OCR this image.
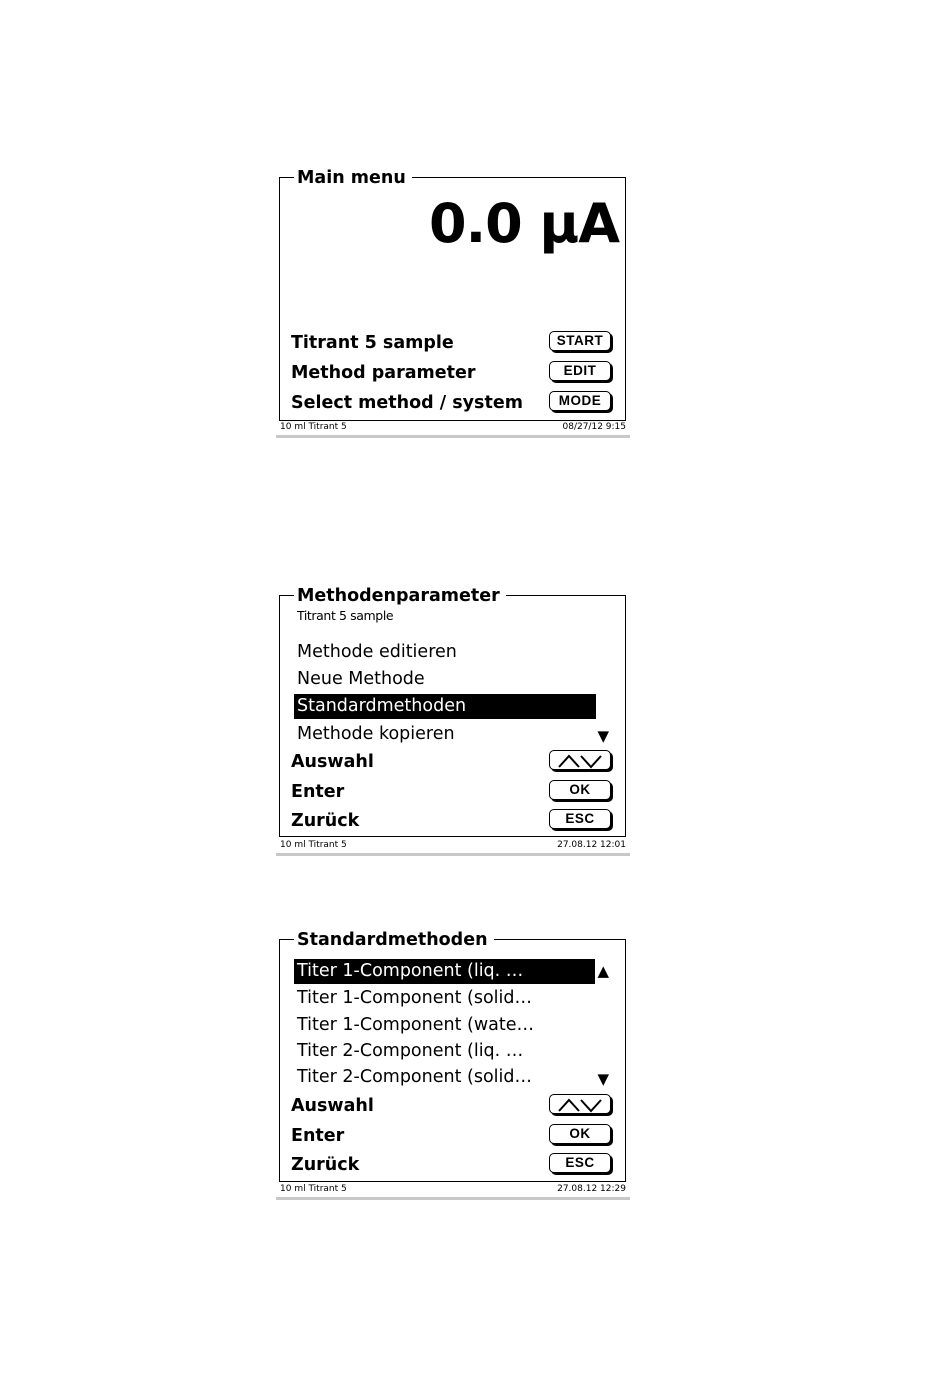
Main menu
0.0 µA
Titrant 5 sample	START
Method parameter	EDIT
Select method / system	MODE
10 ml Titrant 5	08/27/12 9:15
Methodenparameter
Titrant 5 sample
Methode editieren
Neue Methode
Standardmethoden
Methode kopieren	▼
Auswahl
Enter	OK
Zurück	ESC
10 ml Titrant 5	27.08.12 12:01
Standardmethoden
Titer 1-Component (liq. …	▲
Titer 1-Component (solid…
Titer 1-Component (wate…
Titer 2-Component (liq. …
Titer 2-Component (solid…	▼
Auswahl
Enter	OK
Zurück	ESC
10 ml Titrant 5	27.08.12 12:29
